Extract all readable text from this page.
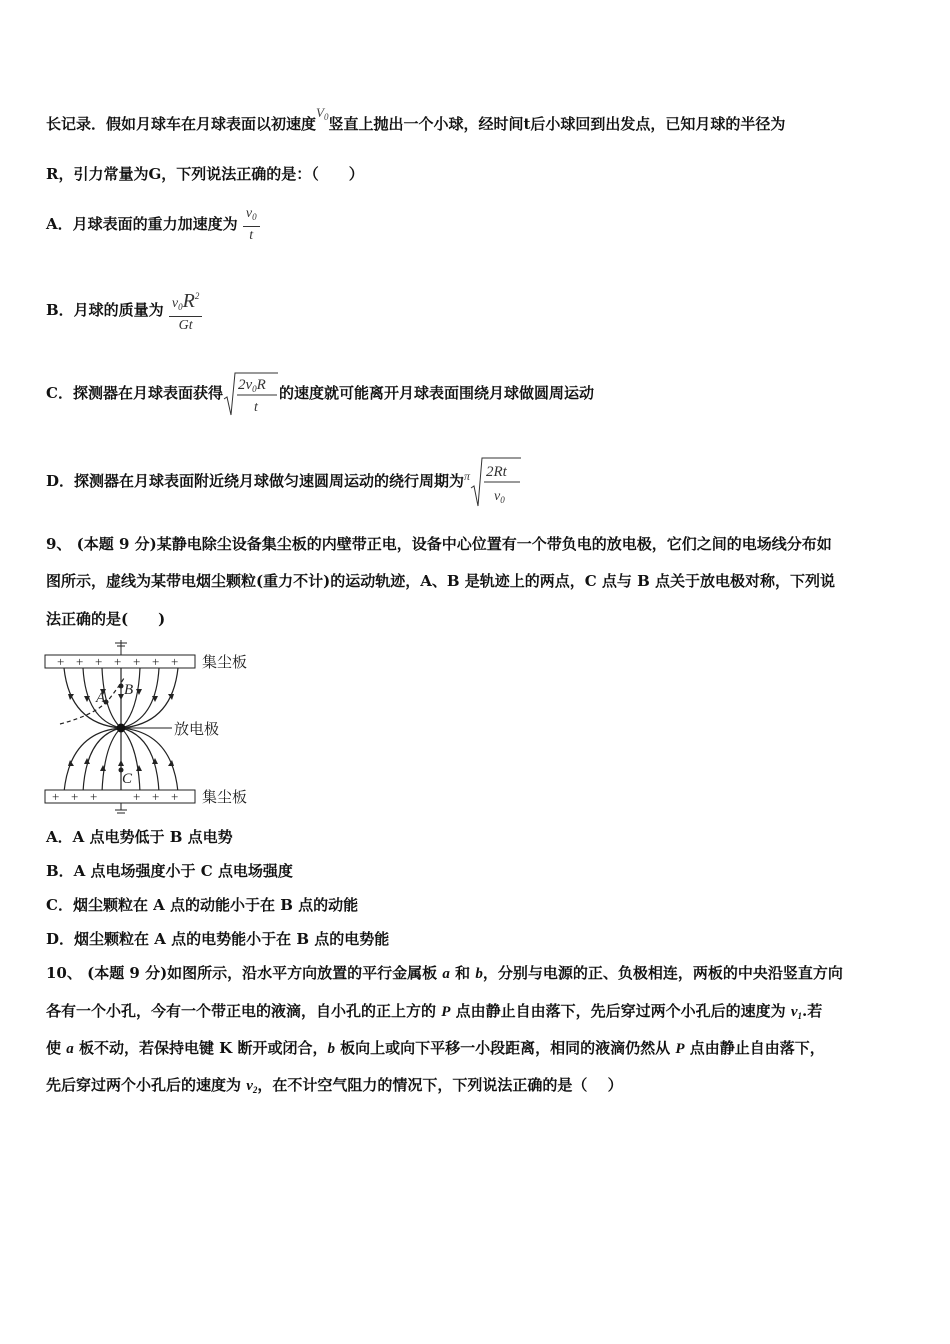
长记录．假如月球车在月球表面以初速度$V_0$竖直上抛出一个小球，经时间t后小球回到出发点，已知月球的半径为
R，引力常量为G，下列说法正确的是：（　　）
A．月球表面的重力加速度为 $\frac{v_0}{t}$
B．月球的质量为 $\frac{v_0R^2}{Gt}$
C．探测器在月球表面获得 $2v_0R$
t
的速度就可能离开月球表面围绕月球做圆周运动
D．探测器在月球表面附近绕月球做匀速圆周运动的绕行周期为$^\pi$ 2Rt
$v_0$
9、 (本题 9 分)某静电除尘设备集尘板的内壁带正电，设备中心位置有一个带负电的放电极，它们之间的电场线分布如
图所示，虚线为某带电烟尘颗粒(重力不计)的运动轨迹，A、B 是轨迹上的两点，C 点与 B 点关于放电极对称，下列说
法正确的是(　　)
+ + + + + + + 集尘板
A B
C
放电极
+ + +	+ + + 集尘板
A．A 点电势低于 B 点电势
B．A 点电场强度小于 C 点电场强度
C．烟尘颗粒在 A 点的动能小于在 B 点的动能
D．烟尘颗粒在 A 点的电势能小于在 B 点的电势能
10、 (本题 9 分)如图所示，沿水平方向放置的平行金属板 a 和 b，分别与电源的正、负极相连，两板的中央沿竖直方向
各有一个小孔，今有一个带正电的液滴，自小孔的正上方的 P 点由静止自由落下，先后穿过两个小孔后的速度为 $v_1$.若
使 a 板不动，若保持电键 K 断开或闭合，b 板向上或向下平移一小段距离，相同的液滴仍然从 P 点由静止自由落下，
先后穿过两个小孔后的速度为 $v_2$，在不计空气阻力的情况下，下列说法正确的是（　 ）
